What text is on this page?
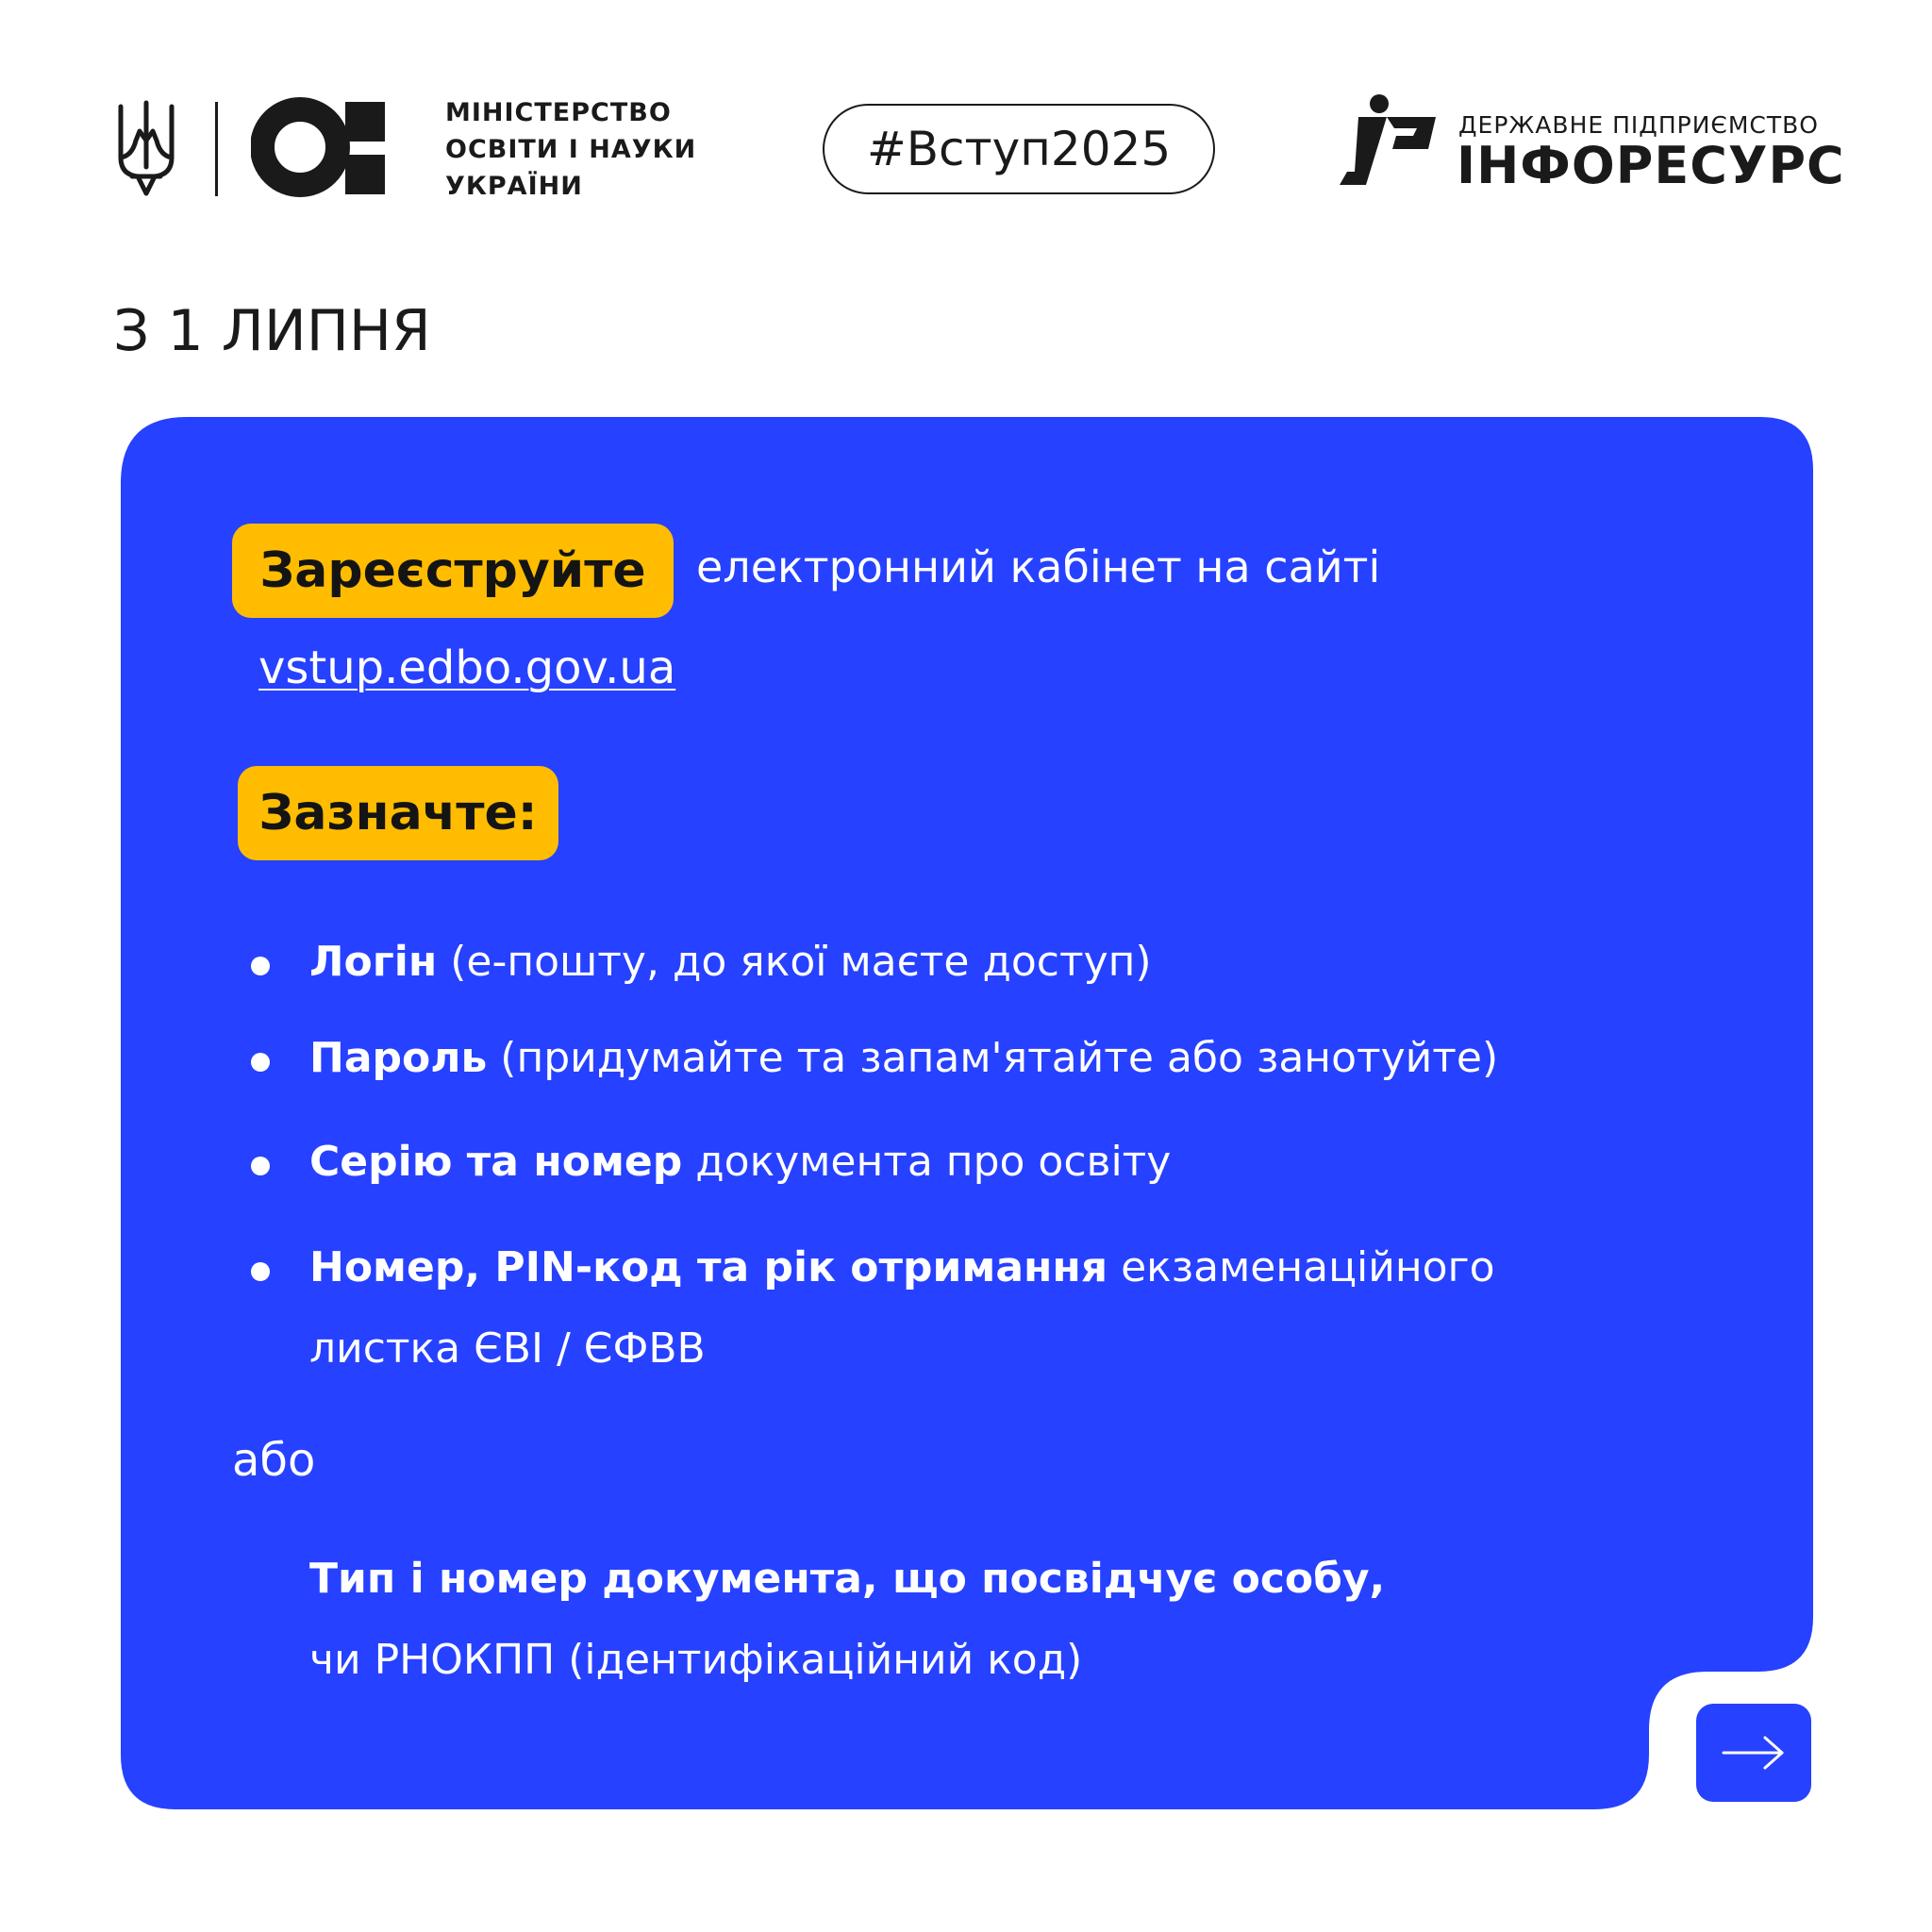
МІНІСТЕРСТВО
ОСВІТИ І НАУКИ
УКРАЇНИ
#Вступ2025	ДЕРЖАВНЕ ПІДПРИЄМСТВО
ІНФОРЕСУРС
З 1 ЛИПНЯ
Зареєструйте	електронний кабінет на сайті
vstup.edbo.gov.ua
Зазначте:
Логін (е-пошту, до якої маєте доступ)
Пароль (придумайте та запам'ятайте або занотуйте)
Серію та номер документа про освіту
Номер, PIN-код та рік отримання екзаменаційного
листка ЄВІ / ЄФВВ
або
Тип і номер документа, що посвідчує особу,
чи РНОКПП (ідентифікаційний код)
